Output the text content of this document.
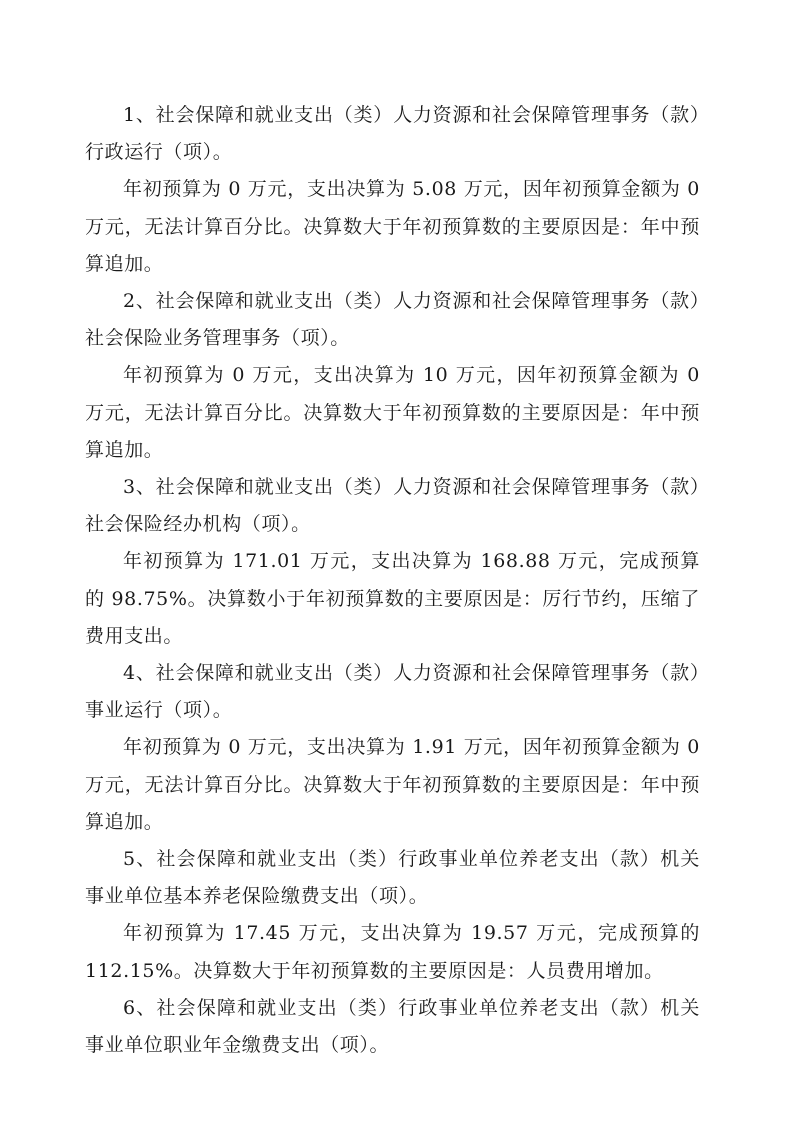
1、社会保障和就业支出（类）人力资源和社会保障管理事务（款）行政运行（项）。

年初预算为 0 万元，支出决算为 5.08 万元，因年初预算金额为 0 万元，无法计算百分比。决算数大于年初预算数的主要原因是：年中预算追加。

2、社会保障和就业支出（类）人力资源和社会保障管理事务（款）社会保险业务管理事务（项）。

年初预算为 0 万元，支出决算为 10 万元，因年初预算金额为 0 万元，无法计算百分比。决算数大于年初预算数的主要原因是：年中预算追加。

3、社会保障和就业支出（类）人力资源和社会保障管理事务（款）社会保险经办机构（项）。

年初预算为 171.01 万元，支出决算为 168.88 万元，完成预算的 98.75%。决算数小于年初预算数的主要原因是：厉行节约，压缩了费用支出。

4、社会保障和就业支出（类）人力资源和社会保障管理事务（款）事业运行（项）。

年初预算为 0 万元，支出决算为 1.91 万元，因年初预算金额为 0 万元，无法计算百分比。决算数大于年初预算数的主要原因是：年中预算追加。

5、社会保障和就业支出（类）行政事业单位养老支出（款）机关事业单位基本养老保险缴费支出（项）。

年初预算为 17.45 万元，支出决算为 19.57 万元，完成预算的 112.15%。决算数大于年初预算数的主要原因是：人员费用增加。

6、社会保障和就业支出（类）行政事业单位养老支出（款）机关事业单位职业年金缴费支出（项）。
